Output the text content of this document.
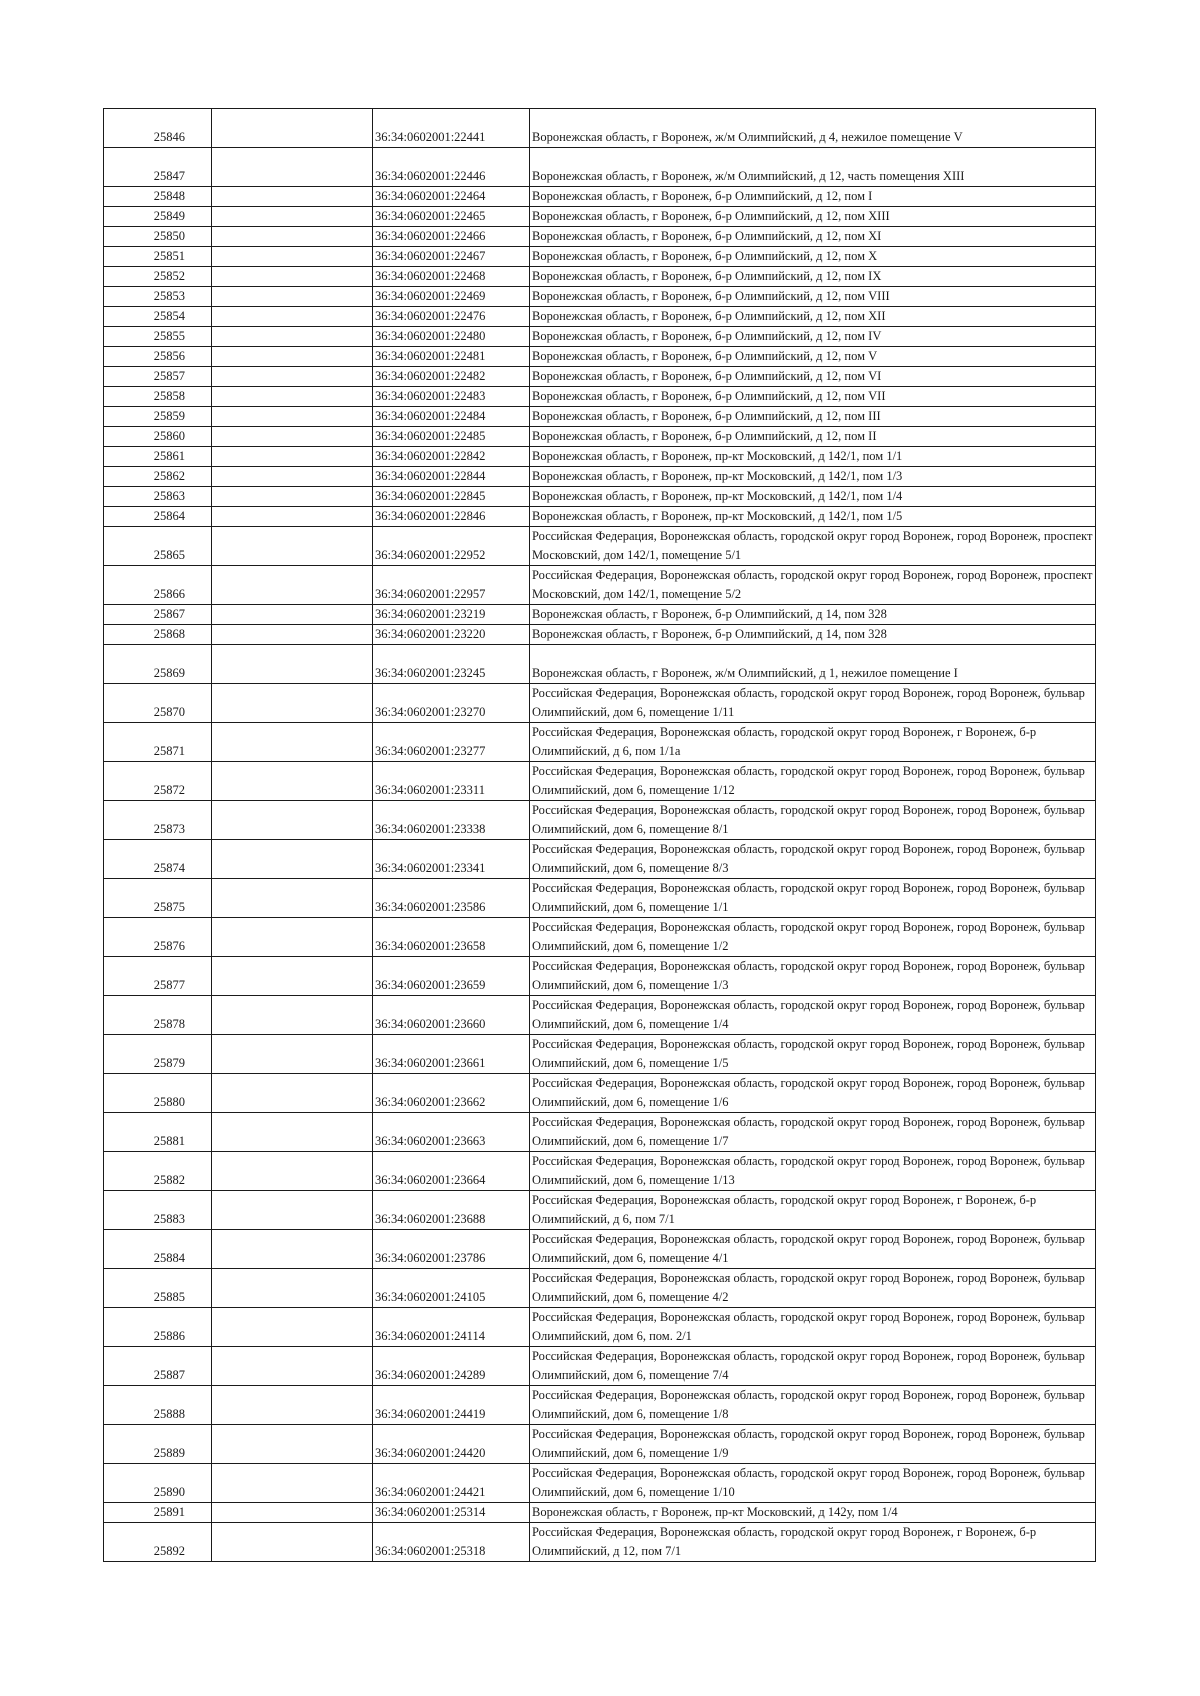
25846		36:34:0602001:22441	Воронежская область, г Воронеж, ж/м Олимпийский, д 4, нежилое помещение V
25847		36:34:0602001:22446	Воронежская область, г Воронеж, ж/м Олимпийский, д 12, часть помещения XIII
25848		36:34:0602001:22464	Воронежская область, г Воронеж, б-р Олимпийский, д 12, пом I
25849		36:34:0602001:22465	Воронежская область, г Воронеж, б-р Олимпийский, д 12, пом XIII
25850		36:34:0602001:22466	Воронежская область, г Воронеж, б-р Олимпийский, д 12, пом XI
25851		36:34:0602001:22467	Воронежская область, г Воронеж, б-р Олимпийский, д 12, пом X
25852		36:34:0602001:22468	Воронежская область, г Воронеж, б-р Олимпийский, д 12, пом IX
25853		36:34:0602001:22469	Воронежская область, г Воронеж, б-р Олимпийский, д 12, пом VIII
25854		36:34:0602001:22476	Воронежская область, г Воронеж, б-р Олимпийский, д 12, пом XII
25855		36:34:0602001:22480	Воронежская область, г Воронеж, б-р Олимпийский, д 12, пом IV
25856		36:34:0602001:22481	Воронежская область, г Воронеж, б-р Олимпийский, д 12, пом V
25857		36:34:0602001:22482	Воронежская область, г Воронеж, б-р Олимпийский, д 12, пом VI
25858		36:34:0602001:22483	Воронежская область, г Воронеж, б-р Олимпийский, д 12, пом VII
25859		36:34:0602001:22484	Воронежская область, г Воронеж, б-р Олимпийский, д 12, пом III
25860		36:34:0602001:22485	Воронежская область, г Воронеж, б-р Олимпийский, д 12, пом II
25861		36:34:0602001:22842	Воронежская область, г Воронеж, пр-кт Московский, д 142/1, пом 1/1
25862		36:34:0602001:22844	Воронежская область, г Воронеж, пр-кт Московский, д 142/1, пом 1/3
25863		36:34:0602001:22845	Воронежская область, г Воронеж, пр-кт Московский, д 142/1, пом 1/4
25864		36:34:0602001:22846	Воронежская область, г Воронеж, пр-кт Московский, д 142/1, пом 1/5
25865		36:34:0602001:22952	Российская Федерация, Воронежская область, городской округ город Воронеж, город Воронеж, проспект Московский, дом 142/1, помещение 5/1
25866		36:34:0602001:22957	Российская Федерация, Воронежская область, городской округ город Воронеж, город Воронеж, проспект Московский, дом 142/1, помещение 5/2
25867		36:34:0602001:23219	Воронежская область, г Воронеж, б-р Олимпийский, д 14, пом 328
25868		36:34:0602001:23220	Воронежская область, г Воронеж, б-р Олимпийский, д 14, пом 328
25869		36:34:0602001:23245	Воронежская область, г Воронеж, ж/м Олимпийский, д 1, нежилое помещение I
25870		36:34:0602001:23270	Российская Федерация, Воронежская область, городской округ город Воронеж, город Воронеж, бульвар Олимпийский, дом 6, помещение 1/11
25871		36:34:0602001:23277	Российская Федерация, Воронежская область, городской округ город Воронеж, г Воронеж, б-р Олимпийский, д 6, пом 1/1а
25872		36:34:0602001:23311	Российская Федерация, Воронежская область, городской округ город Воронеж, город Воронеж, бульвар Олимпийский, дом 6, помещение 1/12
25873		36:34:0602001:23338	Российская Федерация, Воронежская область, городской округ город Воронеж, город Воронеж, бульвар Олимпийский, дом 6, помещение 8/1
25874		36:34:0602001:23341	Российская Федерация, Воронежская область, городской округ город Воронеж, город Воронеж, бульвар Олимпийский, дом 6, помещение 8/3
25875		36:34:0602001:23586	Российская Федерация, Воронежская область, городской округ город Воронеж, город Воронеж, бульвар Олимпийский, дом 6, помещение 1/1
25876		36:34:0602001:23658	Российская Федерация, Воронежская область, городской округ город Воронеж, город Воронеж, бульвар Олимпийский, дом 6, помещение 1/2
25877		36:34:0602001:23659	Российская Федерация, Воронежская область, городской округ город Воронеж, город Воронеж, бульвар Олимпийский, дом 6, помещение 1/3
25878		36:34:0602001:23660	Российская Федерация, Воронежская область, городской округ город Воронеж, город Воронеж, бульвар Олимпийский, дом 6, помещение 1/4
25879		36:34:0602001:23661	Российская Федерация, Воронежская область, городской округ город Воронеж, город Воронеж, бульвар Олимпийский, дом 6, помещение 1/5
25880		36:34:0602001:23662	Российская Федерация, Воронежская область, городской округ город Воронеж, город Воронеж, бульвар Олимпийский, дом 6, помещение 1/6
25881		36:34:0602001:23663	Российская Федерация, Воронежская область, городской округ город Воронеж, город Воронеж, бульвар Олимпийский, дом 6, помещение 1/7
25882		36:34:0602001:23664	Российская Федерация, Воронежская область, городской округ город Воронеж, город Воронеж, бульвар Олимпийский, дом 6, помещение 1/13
25883		36:34:0602001:23688	Российская Федерация, Воронежская область, городской округ город Воронеж, г Воронеж, б-р Олимпийский, д 6, пом 7/1
25884		36:34:0602001:23786	Российская Федерация, Воронежская область, городской округ город Воронеж, город Воронеж, бульвар Олимпийский, дом 6, помещение 4/1
25885		36:34:0602001:24105	Российская Федерация, Воронежская область, городской округ город Воронеж, город Воронеж, бульвар Олимпийский, дом 6, помещение 4/2
25886		36:34:0602001:24114	Российская Федерация, Воронежская область, городской округ город Воронеж, город Воронеж, бульвар Олимпийский, дом 6, пом. 2/1
25887		36:34:0602001:24289	Российская Федерация, Воронежская область, городской округ город Воронеж, город Воронеж, бульвар Олимпийский, дом 6, помещение 7/4
25888		36:34:0602001:24419	Российская Федерация, Воронежская область, городской округ город Воронеж, город Воронеж, бульвар Олимпийский, дом 6, помещение 1/8
25889		36:34:0602001:24420	Российская Федерация, Воронежская область, городской округ город Воронеж, город Воронеж, бульвар Олимпийский, дом 6, помещение 1/9
25890		36:34:0602001:24421	Российская Федерация, Воронежская область, городской округ город Воронеж, город Воронеж, бульвар Олимпийский, дом 6, помещение 1/10
25891		36:34:0602001:25314	Воронежская область, г Воронеж, пр-кт Московский, д 142у, пом 1/4
25892		36:34:0602001:25318	Российская Федерация, Воронежская область, городской округ город Воронеж, г Воронеж, б-р Олимпийский, д 12, пом 7/1
